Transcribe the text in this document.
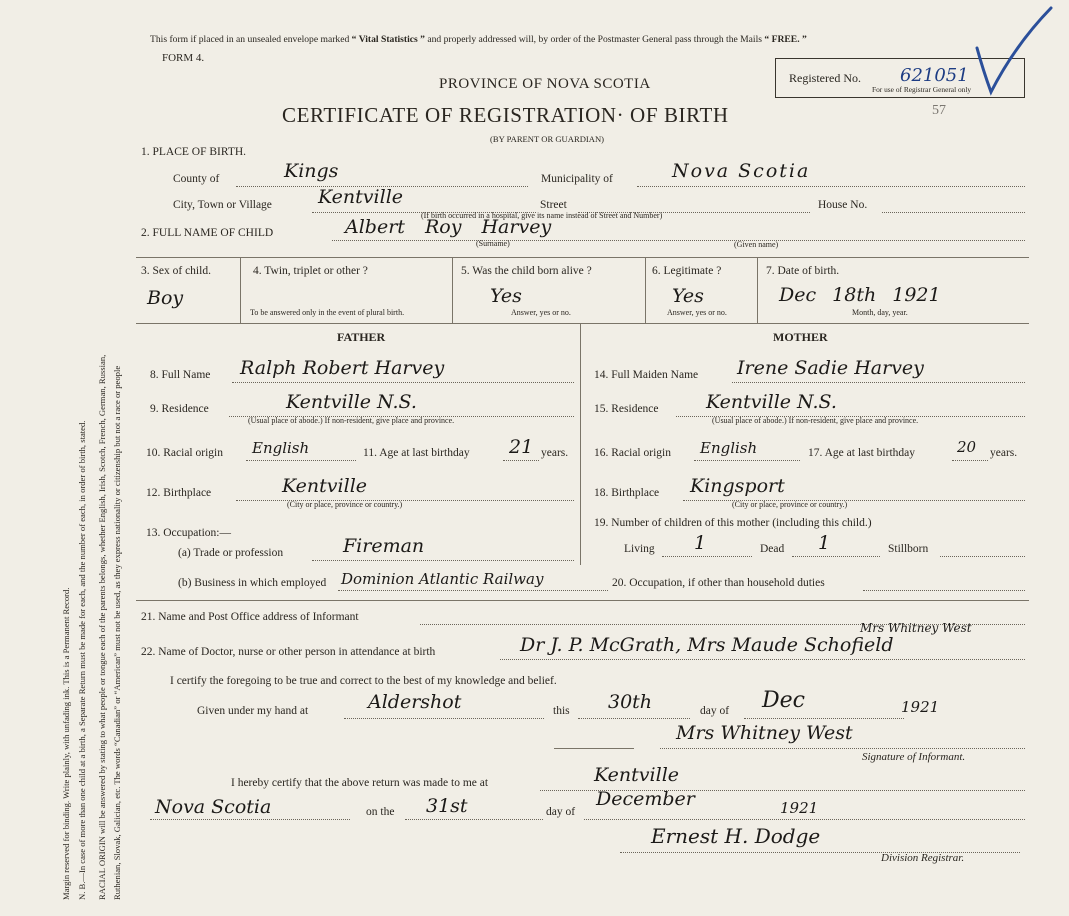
Margin reserved for binding. Write plainly, with unfading ink. This is a Permanent Record. N. B.—In case of more than one child at a birth, a Separate Return must be made for each, and the number of each, in order of birth, stated. RACIAL ORIGIN will be answered by stating to what people or tongue each of the parents belongs, whether English, Irish, Scotch, French, German, Russian, Ruthenian, Slovak, Galician, etc. The words “Canadian” or “American” must not be used, as they express nationality or citizenship but not a race or people
This form if placed in an unsealed envelope marked “ Vital Statistics ” and properly addressed will, by order of the Postmaster General pass through the Mails “ FREE. ”
FORM 4.
PROVINCE OF NOVA SCOTIA
CERTIFICATE OF REGISTRATION· OF BIRTH
(BY PARENT OR GUARDIAN)
Registered No. 621051
For use of Registrar General only
57
1. PLACE OF BIRTH.
County of	Kings	Municipality of	Nova Scotia
City, Town or Village Kentville	Street	House No.
(If birth occurred in a hospital, give its name instead of Street and Number)
2. FULL NAME OF CHILD	Albert Roy Harvey
(Surname)	(Given name)
3. Sex of child.
Boy
4. Twin, triplet or other ?
To be answered only in the event of plural birth.
5. Was the child born alive ?
Yes
Answer, yes or no.
6. Legitimate ?
Yes
Answer, yes or no.
7. Date of birth.
Dec 18th 1921
Month, day, year.
FATHER
8. Full Name Ralph Robert Harvey
9. Residence	Kentville N.S.
(Usual place of abode.) If non-resident, give place and province.
10. Racial origin English	11. Age at last birthday 21 years.
12. Birthplace	Kentville
(City or place, province or country.)
13. Occupation:—
(a) Trade or profession	Fireman
(b) Business in which employed Dominion Atlantic Railway
MOTHER
14. Full Maiden Name Irene Sadie Harvey
15. Residence Kentville N.S.
(Usual place of abode.) If non-resident, give place and province.
16. Racial origin English	17. Age at last birthday	20 years.
18. Birthplace Kingsport
(City or place, province or country.)
19. Number of children of this mother (including this child.)
Living 1	Dead 1	Stillborn
20. Occupation, if other than household duties
21. Name and Post Office address of Informant
22. Name of Doctor, nurse or other person in attendance at birth	Dr J. P. McGrath, Mrs Maude Schofield
Mrs Whitney West
I certify the foregoing to be true and correct to the best of my knowledge and belief.
Given under my hand at	Aldershot	this 30th	day of Dec	1921
Mrs Whitney West
Signature of Informant.
I hereby certify that the above return was made to me at	Kentville
Nova Scotia	on the 31st	day of
December	1921
Ernest H. Dodge
Division Registrar.
